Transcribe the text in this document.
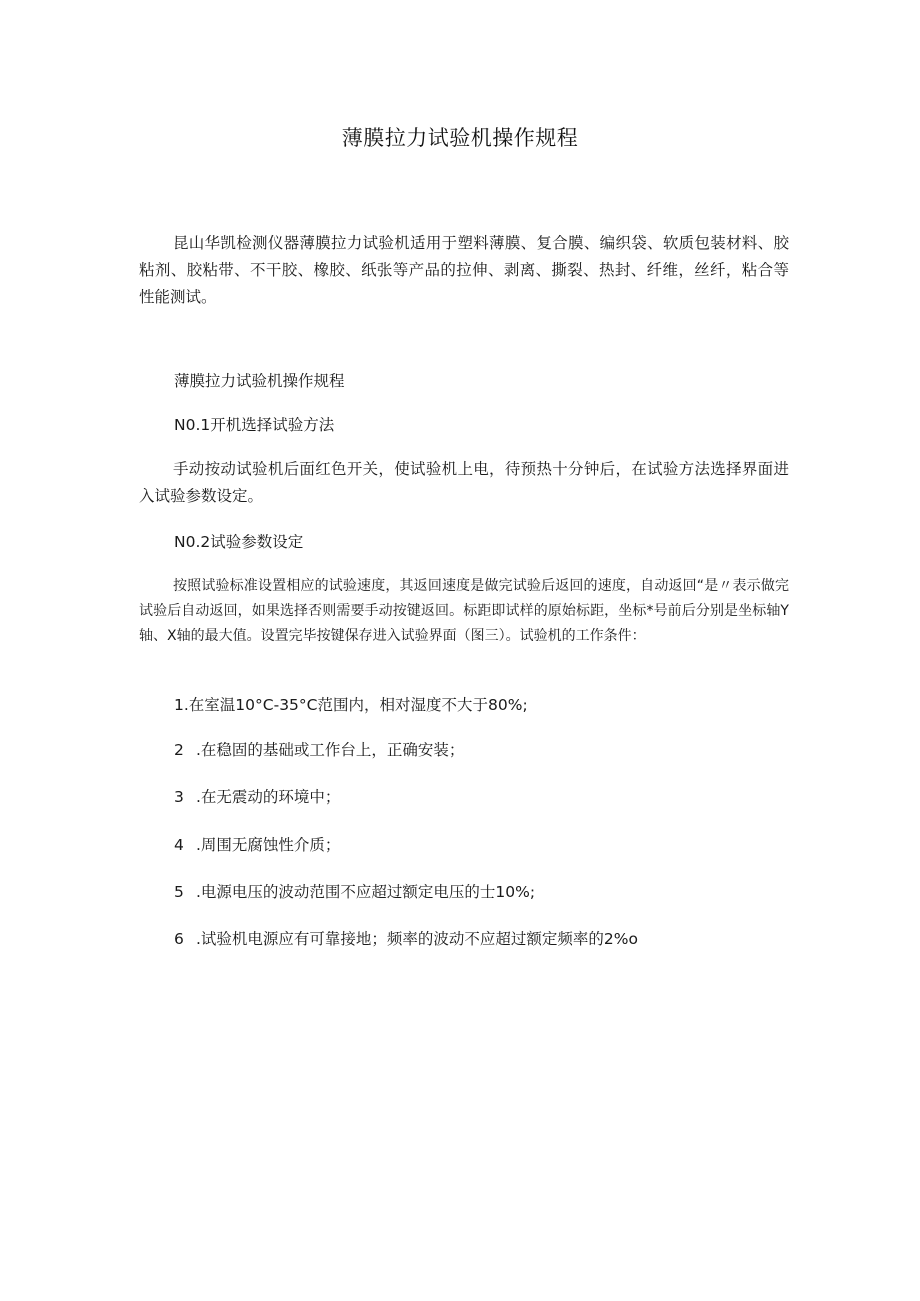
薄膜拉力试验机操作规程
昆山华凯检测仪器薄膜拉力试验机适用于塑料薄膜、复合膜、编织袋、软质包装材料、胶粘剂、胶粘带、不干胶、橡胶、纸张等产品的拉伸、剥离、撕裂、热封、纤维，丝纤，粘合等性能测试。
薄膜拉力试验机操作规程
N0.1开机选择试验方法
手动按动试验机后面红色开关，使试验机上电，待预热十分钟后，在试验方法选择界面进入试验参数设定。
N0.2试验参数设定
按照试验标准设置相应的试验速度，其返回速度是做完试验后返回的速度，自动返回“是〃表示做完试验后自动返回，如果选择否则需要手动按键返回。标距即试样的原始标距，坐标*号前后分别是坐标轴Y轴、X轴的最大值。设置完毕按键保存进入试验界面（图三）。试验机的工作条件：
1.在室温10°C-35°C范围内，相对湿度不大于80%;
2 .在稳固的基础或工作台上，正确安装；
3 .在无震动的环境中；
4 .周围无腐蚀性介质；
5 .电源电压的波动范围不应超过额定电压的士10%;
6 .试验机电源应有可靠接地；频率的波动不应超过额定频率的2%o
